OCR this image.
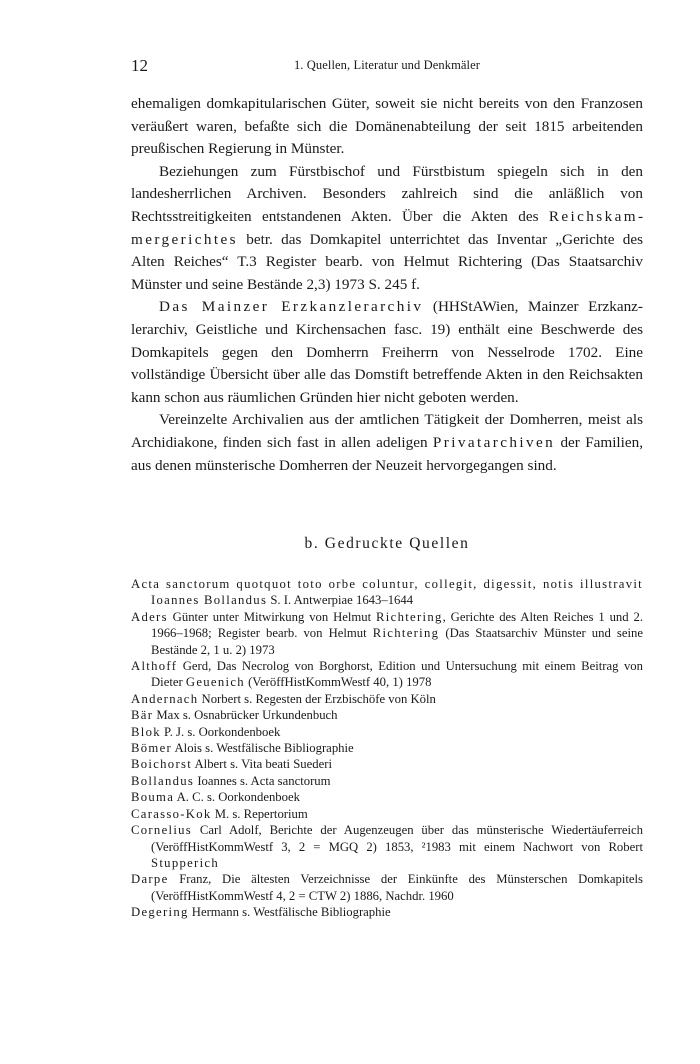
12	1. Quellen, Literatur und Denkmäler

ehemaligen domkapitularischen Güter, soweit sie nicht bereits von den Franzosen veräußert waren, befaßte sich die Domänenabteilung der seit 1815 arbeitenden preußischen Regierung in Münster.

Beziehungen zum Fürstbischof und Fürstbistum spiegeln sich in den landesherrlichen Archiven. Besonders zahlreich sind die anläßlich von Rechtsstreitigkeiten entstandenen Akten. Über die Akten des Reichskammergerichtes betr. das Domkapitel unterrichtet das Inventar „Gerichte des Alten Reiches“ T.3 Register bearb. von Helmut Richtering (Das Staatsarchiv Münster und seine Bestände 2,3) 1973 S. 245 f.

Das Mainzer Erzkanzlerarchiv (HHStAWien, Mainzer Erzkanzlerarchiv, Geistliche und Kirchensachen fasc. 19) enthält eine Beschwerde des Domkapitels gegen den Domherrn Freiherrn von Nesselrode 1702. Eine vollständige Übersicht über alle das Domstift betreffende Akten in den Reichsakten kann schon aus räumlichen Gründen hier nicht geboten werden.

Vereinzelte Archivalien aus der amtlichen Tätigkeit der Domherren, meist als Archidiakone, finden sich fast in allen adeligen Privatarchiven der Familien, aus denen münsterische Domherren der Neuzeit hervorgegangen sind.

b. Gedruckte Quellen
Acta sanctorum quotquot toto orbe coluntur, collegit, digessit, notis illustravit Ioannes Bollandus S. I. Antwerpiae 1643–1644
Aders Günter unter Mitwirkung von Helmut Richtering, Gerichte des Alten Reiches 1 und 2. 1966–1968; Register bearb. von Helmut Richtering (Das Staatsarchiv Münster und seine Bestände 2, 1 u. 2) 1973
Althoff Gerd, Das Necrolog von Borghorst, Edition und Untersuchung mit einem Beitrag von Dieter Geuenich (VeröffHistKommWestf 40, 1) 1978
Andernach Norbert s. Regesten der Erzbischöfe von Köln
Bär Max s. Osnabrücker Urkundenbuch
Blok P. J. s. Oorkondenboek
Bömer Alois s. Westfälische Bibliographie
Boichorst Albert s. Vita beati Suederi
Bollandus Ioannes s. Acta sanctorum
Bouma A. C. s. Oorkondenboek
Carasso-Kok M. s. Repertorium
Cornelius Carl Adolf, Berichte der Augenzeugen über das münsterische Wiedertäuferreich (VeröffHistKommWestf 3, 2 = MGQ 2) 1853, ²1983 mit einem Nachwort von Robert Stupperich
Darpe Franz, Die ältesten Verzeichnisse der Einkünfte des Münsterschen Domkapitels (VeröffHistKommWestf 4, 2 = CTW 2) 1886, Nachdr. 1960
Degering Hermann s. Westfälische Bibliographie
